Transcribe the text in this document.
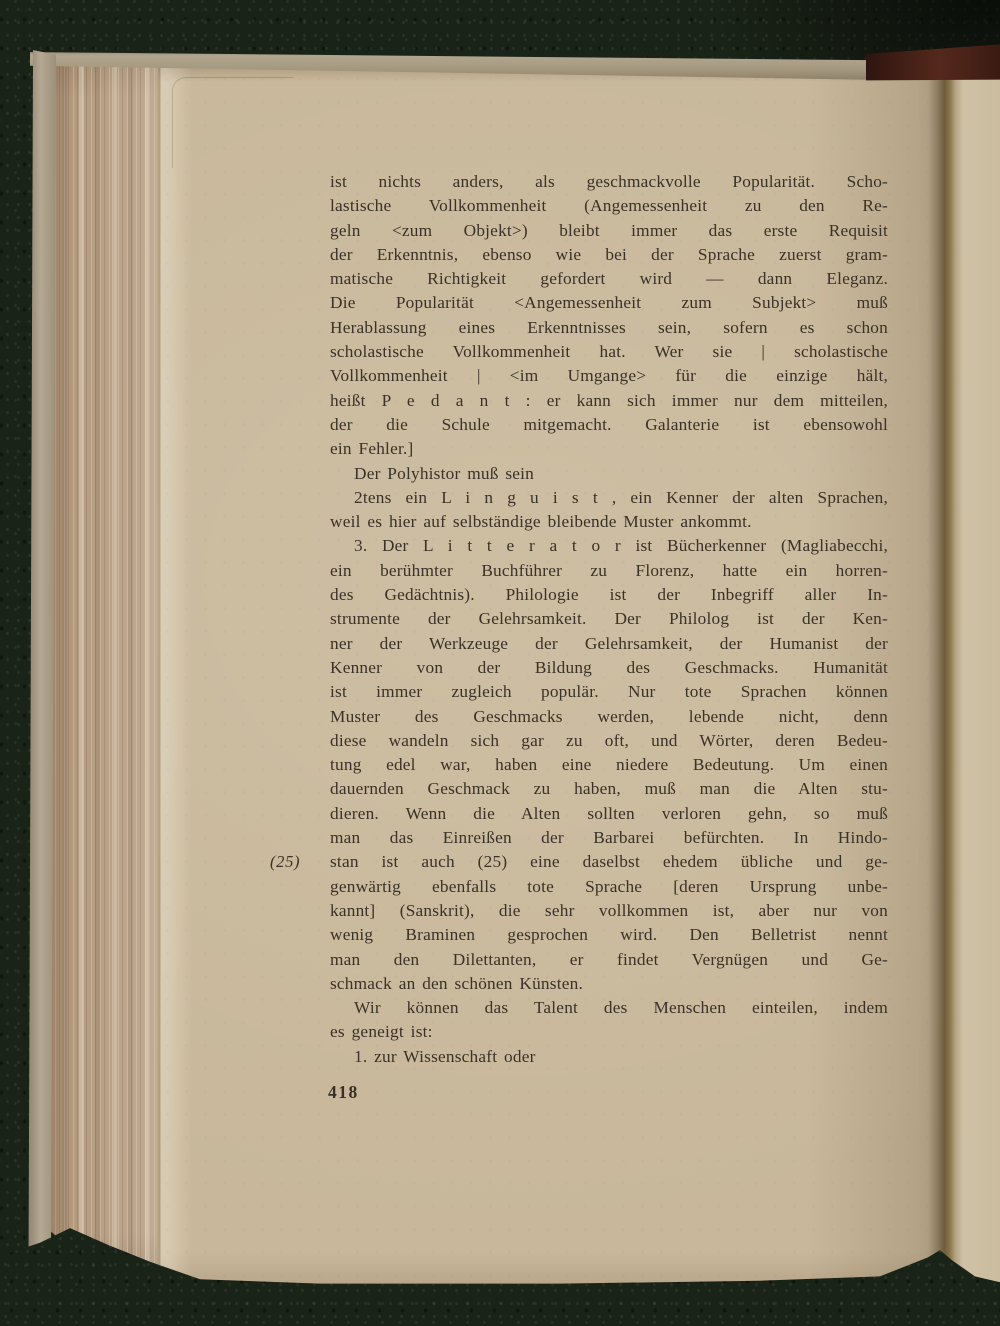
(25)
ist nichts anders, als geschmackvolle Popularität. Scho-
lastische Vollkommenheit (Angemessenheit zu den Re-
geln <zum Objekt>) bleibt immer das erste Requisit
der Erkenntnis, ebenso wie bei der Sprache zuerst gram-
matische Richtigkeit gefordert wird — dann Eleganz.
Die Popularität <Angemessenheit zum Subjekt> muß
Herablassung eines Erkenntnisses sein, sofern es schon
scholastische Vollkommenheit hat. Wer sie | scholastische
Vollkommenheit | <im Umgange> für die einzige hält,
heißt P e d a n t : er kann sich immer nur dem mitteilen,
der die Schule mitgemacht. Galanterie ist ebensowohl
ein Fehler.]
Der Polyhistor muß sein
2tens ein L i n g u i s t , ein Kenner der alten Sprachen,
weil es hier auf selbständige bleibende Muster ankommt.
3. Der L i t t e r a t o r ist Bücherkenner (Magliabecchi,
ein berühmter Buchführer zu Florenz, hatte ein horren-
des Gedächtnis). Philologie ist der Inbegriff aller In-
strumente der Gelehrsamkeit. Der Philolog ist der Ken-
ner der Werkzeuge der Gelehrsamkeit, der Humanist der
Kenner von der Bildung des Geschmacks. Humanität
ist immer zugleich populär. Nur tote Sprachen können
Muster des Geschmacks werden, lebende nicht, denn
diese wandeln sich gar zu oft, und Wörter, deren Bedeu-
tung edel war, haben eine niedere Bedeutung. Um einen
dauernden Geschmack zu haben, muß man die Alten stu-
dieren. Wenn die Alten sollten verloren gehn, so muß
man das Einreißen der Barbarei befürchten. In Hindo-
stan ist auch (25) eine daselbst ehedem übliche und ge-
genwärtig ebenfalls tote Sprache [deren Ursprung unbe-
kannt] (Sanskrit), die sehr vollkommen ist, aber nur von
wenig Braminen gesprochen wird. Den Belletrist nennt
man den Dilettanten, er findet Vergnügen und Ge-
schmack an den schönen Künsten.
Wir können das Talent des Menschen einteilen, indem
es geneigt ist:
1. zur Wissenschaft oder
418
